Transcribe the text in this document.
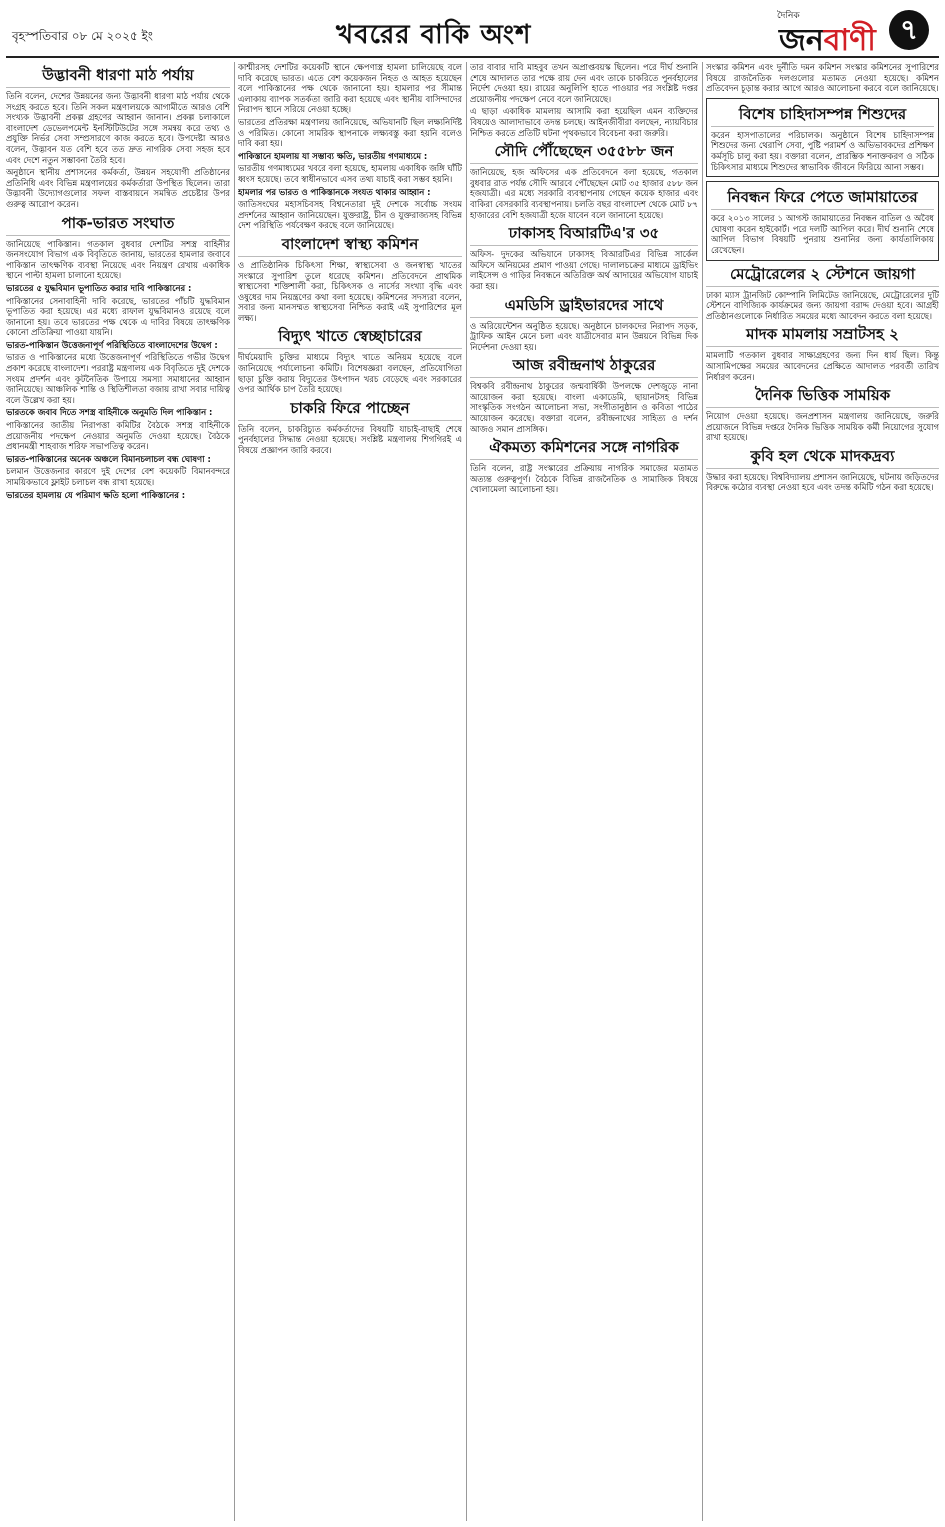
বৃহস্পতিবার ০৮ মে ২০২৫ ইং	খবরের বাকি অংশ
দৈনিক
জনবাণী ৭
উদ্ভাবনী ধারণা মাঠ পর্যায়

তিনি বলেন, দেশের উন্নয়নের জন্য উদ্ভাবনী ধারণা মাঠ পর্যায় থেকে সংগ্রহ করতে হবে। তিনি সকল মন্ত্রণালয়কে আগামীতে আরও বেশি সংখ্যক উদ্ভাবনী প্রকল্প গ্রহণের আহ্বান জানান। প্রকল্প চলাকালে বাংলাদেশ ডেভেলপমেন্ট ইনস্টিটিউটের সঙ্গে সমন্বয় করে তথ্য ও প্রযুক্তি নির্ভর সেবা সম্প্রসারণে কাজ করতে হবে। উপদেষ্টা আরও বলেন, উদ্ভাবন যত বেশি হবে তত দ্রুত নাগরিক সেবা সহজ হবে এবং দেশে নতুন সম্ভাবনা তৈরি হবে।

অনুষ্ঠানে স্থানীয় প্রশাসনের কর্মকর্তা, উন্নয়ন সহযোগী প্রতিষ্ঠানের প্রতিনিধি এবং বিভিন্ন মন্ত্রণালয়ের কর্মকর্তারা উপস্থিত ছিলেন। তারা উদ্ভাবনী উদ্যোগগুলোর সফল বাস্তবায়নে সমন্বিত প্রচেষ্টার উপর গুরুত্ব আরোপ করেন।

পাক-ভারত সংঘাত

জানিয়েছে পাকিস্তান। গতকাল বুধবার দেশটির সশস্ত্র বাহিনীর জনসংযোগ বিভাগ এক বিবৃতিতে জানায়, ভারতের হামলার জবাবে পাকিস্তান তাৎক্ষণিক ব্যবস্থা নিয়েছে এবং নিয়ন্ত্রণ রেখায় একাধিক স্থানে পাল্টা হামলা চালানো হয়েছে।

ভারতের ৫ যুদ্ধবিমান ভূপাতিত করার দাবি পাকিস্তানের :

পাকিস্তানের সেনাবাহিনী দাবি করেছে, ভারতের পাঁচটি যুদ্ধবিমান ভূপাতিত করা হয়েছে। এর মধ্যে রাফাল যুদ্ধবিমানও রয়েছে বলে জানানো হয়। তবে ভারতের পক্ষ থেকে এ দাবির বিষয়ে তাৎক্ষণিক কোনো প্রতিক্রিয়া পাওয়া যায়নি।

ভারত-পাকিস্তান উত্তেজনাপূর্ণ পরিস্থিতিতে বাংলাদেশের উদ্বেগ :

ভারত ও পাকিস্তানের মধ্যে উত্তেজনাপূর্ণ পরিস্থিতিতে গভীর উদ্বেগ প্রকাশ করেছে বাংলাদেশ। পররাষ্ট্র মন্ত্রণালয় এক বিবৃতিতে দুই দেশকে সংযম প্রদর্শন এবং কূটনৈতিক উপায়ে সমস্যা সমাধানের আহ্বান জানিয়েছে। আঞ্চলিক শান্তি ও স্থিতিশীলতা বজায় রাখা সবার দায়িত্ব বলে উল্লেখ করা হয়।

ভারতকে জবাব দিতে সশস্ত্র বাহিনীকে অনুমতি দিল পাকিস্তান :

পাকিস্তানের জাতীয় নিরাপত্তা কমিটির বৈঠকে সশস্ত্র বাহিনীকে প্রয়োজনীয় পদক্ষেপ নেওয়ার অনুমতি দেওয়া হয়েছে। বৈঠকে প্রধানমন্ত্রী শাহবাজ শরিফ সভাপতিত্ব করেন।

ভারত-পাকিস্তানের অনেক অঞ্চলে বিমানচলাচল বন্ধ ঘোষণা :

চলমান উত্তেজনার কারণে দুই দেশের বেশ কয়েকটি বিমানবন্দরে সাময়িকভাবে ফ্লাইট চলাচল বন্ধ রাখা হয়েছে।

ভারতের হামলায় যে পরিমাণ ক্ষতি হলো পাকিস্তানের :

কাশ্মীরসহ দেশটির কয়েকটি স্থানে ক্ষেপণাস্ত্র হামলা চালিয়েছে বলে দাবি করেছে ভারত। এতে বেশ কয়েকজন নিহত ও আহত হয়েছেন বলে পাকিস্তানের পক্ষ থেকে জানানো হয়। হামলার পর সীমান্ত এলাকায় ব্যাপক সতর্কতা জারি করা হয়েছে এবং স্থানীয় বাসিন্দাদের নিরাপদ স্থানে সরিয়ে নেওয়া হচ্ছে।

ভারতের প্রতিরক্ষা মন্ত্রণালয় জানিয়েছে, অভিযানটি ছিল লক্ষ্যনির্দিষ্ট ও পরিমিত। কোনো সামরিক স্থাপনাকে লক্ষ্যবস্তু করা হয়নি বলেও দাবি করা হয়।

পাকিস্তানে হামলায় যা সম্ভাব্য ক্ষতি, ভারতীয় গণমাধ্যমে :

ভারতীয় গণমাধ্যমের খবরে বলা হয়েছে, হামলায় একাধিক জঙ্গি ঘাঁটি ধ্বংস হয়েছে। তবে স্বাধীনভাবে এসব তথ্য যাচাই করা সম্ভব হয়নি।

হামলার পর ভারত ও পাকিস্তানকে সংযত থাকার আহ্বান :

জাতিসংঘের মহাসচিবসহ বিশ্বনেতারা দুই দেশকে সর্বোচ্চ সংযম প্রদর্শনের আহ্বান জানিয়েছেন। যুক্তরাষ্ট্র, চীন ও যুক্তরাজ্যসহ বিভিন্ন দেশ পরিস্থিতি পর্যবেক্ষণ করছে বলে জানিয়েছে।

বাংলাদেশ স্বাস্থ্য কমিশন

ও প্রাতিষ্ঠানিক চিকিৎসা শিক্ষা, স্বাস্থ্যসেবা ও জনস্বাস্থ্য খাতের সংস্কারে সুপারিশ তুলে ধরেছে কমিশন। প্রতিবেদনে প্রাথমিক স্বাস্থ্যসেবা শক্তিশালী করা, চিকিৎসক ও নার্সের সংখ্যা বৃদ্ধি এবং ওষুধের দাম নিয়ন্ত্রণের কথা বলা হয়েছে। কমিশনের সদস্যরা বলেন, সবার জন্য মানসম্মত স্বাস্থ্যসেবা নিশ্চিত করাই এই সুপারিশের মূল লক্ষ্য।

বিদ্যুৎ খাতে স্বেচ্ছাচারের

দীর্ঘমেয়াদি চুক্তির মাধ্যমে বিদ্যুৎ খাতে অনিয়ম হয়েছে বলে জানিয়েছে পর্যালোচনা কমিটি। বিশেষজ্ঞরা বলছেন, প্রতিযোগিতা ছাড়া চুক্তি করায় বিদ্যুতের উৎপাদন খরচ বেড়েছে এবং সরকারের ওপর আর্থিক চাপ তৈরি হয়েছে।

চাকরি ফিরে পাচ্ছেন

তিনি বলেন, চাকরিচ্যুত কর্মকর্তাদের বিষয়টি যাচাই-বাছাই শেষে পুনর্বহালের সিদ্ধান্ত নেওয়া হয়েছে। সংশ্লিষ্ট মন্ত্রণালয় শিগগিরই এ বিষয়ে প্রজ্ঞাপন জারি করবে।

তার বাবার দাবি মাহবুব তখন অপ্রাপ্তবয়স্ক ছিলেন। পরে দীর্ঘ শুনানি শেষে আদালত তার পক্ষে রায় দেন এবং তাকে চাকরিতে পুনর্বহালের নির্দেশ দেওয়া হয়। রায়ের অনুলিপি হাতে পাওয়ার পর সংশ্লিষ্ট দপ্তর প্রয়োজনীয় পদক্ষেপ নেবে বলে জানিয়েছে।

এ ছাড়া একাধিক মামলায় আসামি করা হয়েছিল এমন ব্যক্তিদের বিষয়েও আলাদাভাবে তদন্ত চলছে। আইনজীবীরা বলছেন, ন্যায়বিচার নিশ্চিত করতে প্রতিটি ঘটনা পৃথকভাবে বিবেচনা করা জরুরি।

সৌদি পৌঁছেছেন ৩৫৫৮৮ জন

জানিয়েছে, হজ অফিসের এক প্রতিবেদনে বলা হয়েছে, গতকাল বুধবার রাত পর্যন্ত সৌদি আরবে পৌঁছেছেন মোট ৩৫ হাজার ৫৮৮ জন হজযাত্রী। এর মধ্যে সরকারি ব্যবস্থাপনায় গেছেন কয়েক হাজার এবং বাকিরা বেসরকারি ব্যবস্থাপনায়। চলতি বছর বাংলাদেশ থেকে মোট ৮৭ হাজারের বেশি হজযাত্রী হজে যাবেন বলে জানানো হয়েছে।

ঢাকাসহ বিআরটিএ'র ৩৫

অফিস- দুদকের অভিযানে ঢাকাসহ বিআরটিএর বিভিন্ন সার্কেল অফিসে অনিয়মের প্রমাণ পাওয়া গেছে। দালালচক্রের মাধ্যমে ড্রাইভিং লাইসেন্স ও গাড়ির নিবন্ধনে অতিরিক্ত অর্থ আদায়ের অভিযোগ যাচাই করা হয়।

এমডিসি ড্রাইভারদের সাথে

ও অরিয়েন্টেশন অনুষ্ঠিত হয়েছে। অনুষ্ঠানে চালকদের নিরাপদ সড়ক, ট্রাফিক আইন মেনে চলা এবং যাত্রীসেবার মান উন্নয়নে বিভিন্ন দিক নির্দেশনা দেওয়া হয়।

আজ রবীন্দ্রনাথ ঠাকুরের

বিশ্বকবি রবীন্দ্রনাথ ঠাকুরের জন্মবার্ষিকী উপলক্ষে দেশজুড়ে নানা আয়োজন করা হয়েছে। বাংলা একাডেমি, ছায়ানটসহ বিভিন্ন সাংস্কৃতিক সংগঠন আলোচনা সভা, সংগীতানুষ্ঠান ও কবিতা পাঠের আয়োজন করেছে। বক্তারা বলেন, রবীন্দ্রনাথের সাহিত্য ও দর্শন আজও সমান প্রাসঙ্গিক।

ঐকমত্য কমিশনের সঙ্গে নাগরিক

তিনি বলেন, রাষ্ট্র সংস্কারের প্রক্রিয়ায় নাগরিক সমাজের মতামত অত্যন্ত গুরুত্বপূর্ণ। বৈঠকে বিভিন্ন রাজনৈতিক ও সামাজিক বিষয়ে খোলামেলা আলোচনা হয়।

সংস্কার কমিশন এবং দুর্নীতি দমন কমিশন সংস্কার কমিশনের সুপারিশের বিষয়ে রাজনৈতিক দলগুলোর মতামত নেওয়া হয়েছে। কমিশন প্রতিবেদন চূড়ান্ত করার আগে আরও আলোচনা করবে বলে জানিয়েছে।

বিশেষ চাহিদাসম্পন্ন শিশুদের

করেন হাসপাতালের পরিচালক। অনুষ্ঠানে বিশেষ চাহিদাসম্পন্ন শিশুদের জন্য থেরাপি সেবা, পুষ্টি পরামর্শ ও অভিভাবকদের প্রশিক্ষণ কর্মসূচি চালু করা হয়। বক্তারা বলেন, প্রারম্ভিক শনাক্তকরণ ও সঠিক চিকিৎসার মাধ্যমে শিশুদের স্বাভাবিক জীবনে ফিরিয়ে আনা সম্ভব।

নিবন্ধন ফিরে পেতে জামায়াতের

করে ২০১৩ সালের ১ আগস্ট জামায়াতের নিবন্ধন বাতিল ও অবৈধ ঘোষণা করেন হাইকোর্ট। পরে দলটি আপিল করে। দীর্ঘ শুনানি শেষে আপিল বিভাগ বিষয়টি পুনরায় শুনানির জন্য কার্যতালিকায় রেখেছেন।

মেট্রোরেলের ২ স্টেশনে জায়গা

ঢাকা ম্যাস ট্রানজিট কোম্পানি লিমিটেড জানিয়েছে, মেট্রোরেলের দুটি স্টেশনে বাণিজ্যিক কার্যক্রমের জন্য জায়গা বরাদ্দ দেওয়া হবে। আগ্রহী প্রতিষ্ঠানগুলোকে নির্ধারিত সময়ের মধ্যে আবেদন করতে বলা হয়েছে।

মাদক মামলায় সম্রাটসহ ২

মামলাটি গতকাল বুধবার সাক্ষ্যগ্রহণের জন্য দিন ধার্য ছিল। কিন্তু আসামিপক্ষের সময়ের আবেদনের প্রেক্ষিতে আদালত পরবর্তী তারিখ নির্ধারণ করেন।

দৈনিক ভিত্তিক সাময়িক

নিয়োগ দেওয়া হয়েছে। জনপ্রশাসন মন্ত্রণালয় জানিয়েছে, জরুরি প্রয়োজনে বিভিন্ন দপ্তরে দৈনিক ভিত্তিক সাময়িক কর্মী নিয়োগের সুযোগ রাখা হয়েছে।

কুবি হল থেকে মাদকদ্রব্য

উদ্ধার করা হয়েছে। বিশ্ববিদ্যালয় প্রশাসন জানিয়েছে, ঘটনায় জড়িতদের বিরুদ্ধে কঠোর ব্যবস্থা নেওয়া হবে এবং তদন্ত কমিটি গঠন করা হয়েছে।
